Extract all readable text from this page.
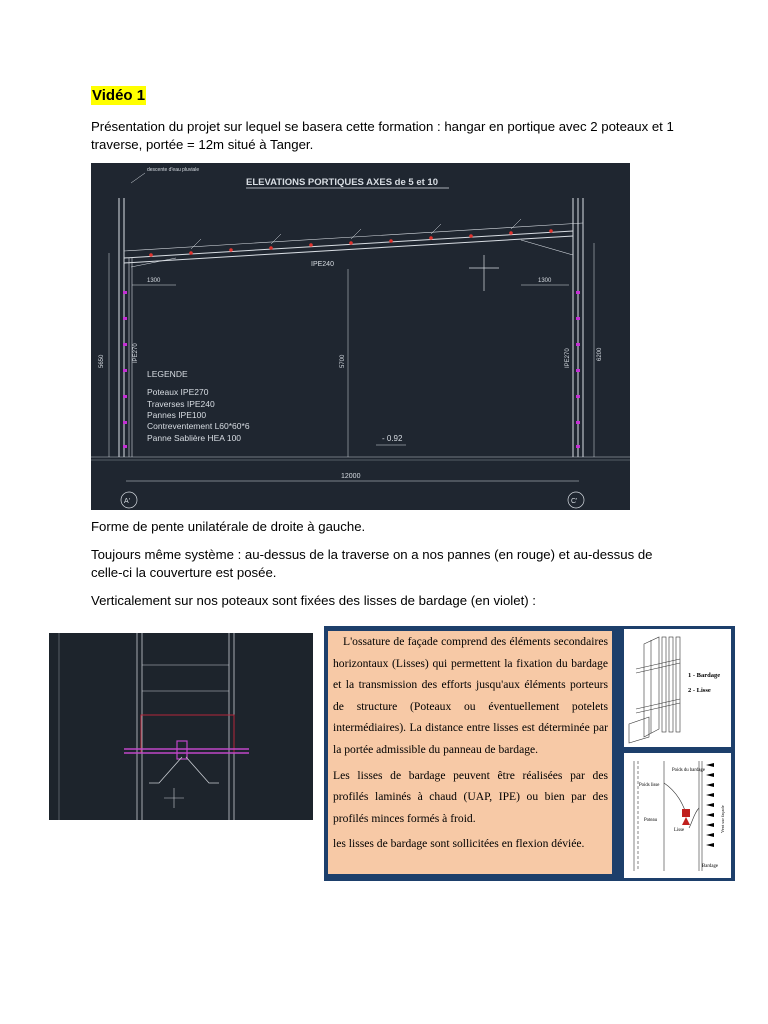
Vidéo 1
Présentation du projet sur lequel se basera cette formation : hangar en portique avec 2 poteaux et 1 traverse, portée = 12m situé à Tanger.
ELEVATIONS PORTIQUES AXES de 5 et 10
descente d'eau pluviale
IPE270
5650	IPE270	6200
IPE240
1300	1300
5700
LEGENDE
Poteaux IPE270
Traverses IPE240
Pannes IPE100
Contreventement L60*60*6
Panne Sablière HEA 100	- 0.92
12000
A'	C'
Forme de pente unilatérale de droite à gauche.
Toujours même système : au-dessus de la traverse on a nos pannes (en rouge) et au-dessus de celle-ci la couverture est posée.
Verticalement sur nos poteaux sont fixées des lisses de bardage (en violet) :

L'ossature de façade comprend des éléments secondaires horizontaux (Lisses) qui permettent la fixation du bardage et la transmission des efforts jusqu'aux éléments porteurs de structure (Poteaux ou éventuellement potelets intermédiaires). La distance entre lisses est déterminée par la portée admissible du panneau de bardage.

Les lisses de bardage peuvent être réalisées par des profilés laminés à chaud (UAP, IPE) ou bien par des profilés minces formés à froid.

les lisses de bardage sont sollicitées en flexion déviée.

1 - Bardage
2 - Lisse
Poids lisse
Poids du bardage
Poteau
Lisse	Vent sur façade
Bardage
